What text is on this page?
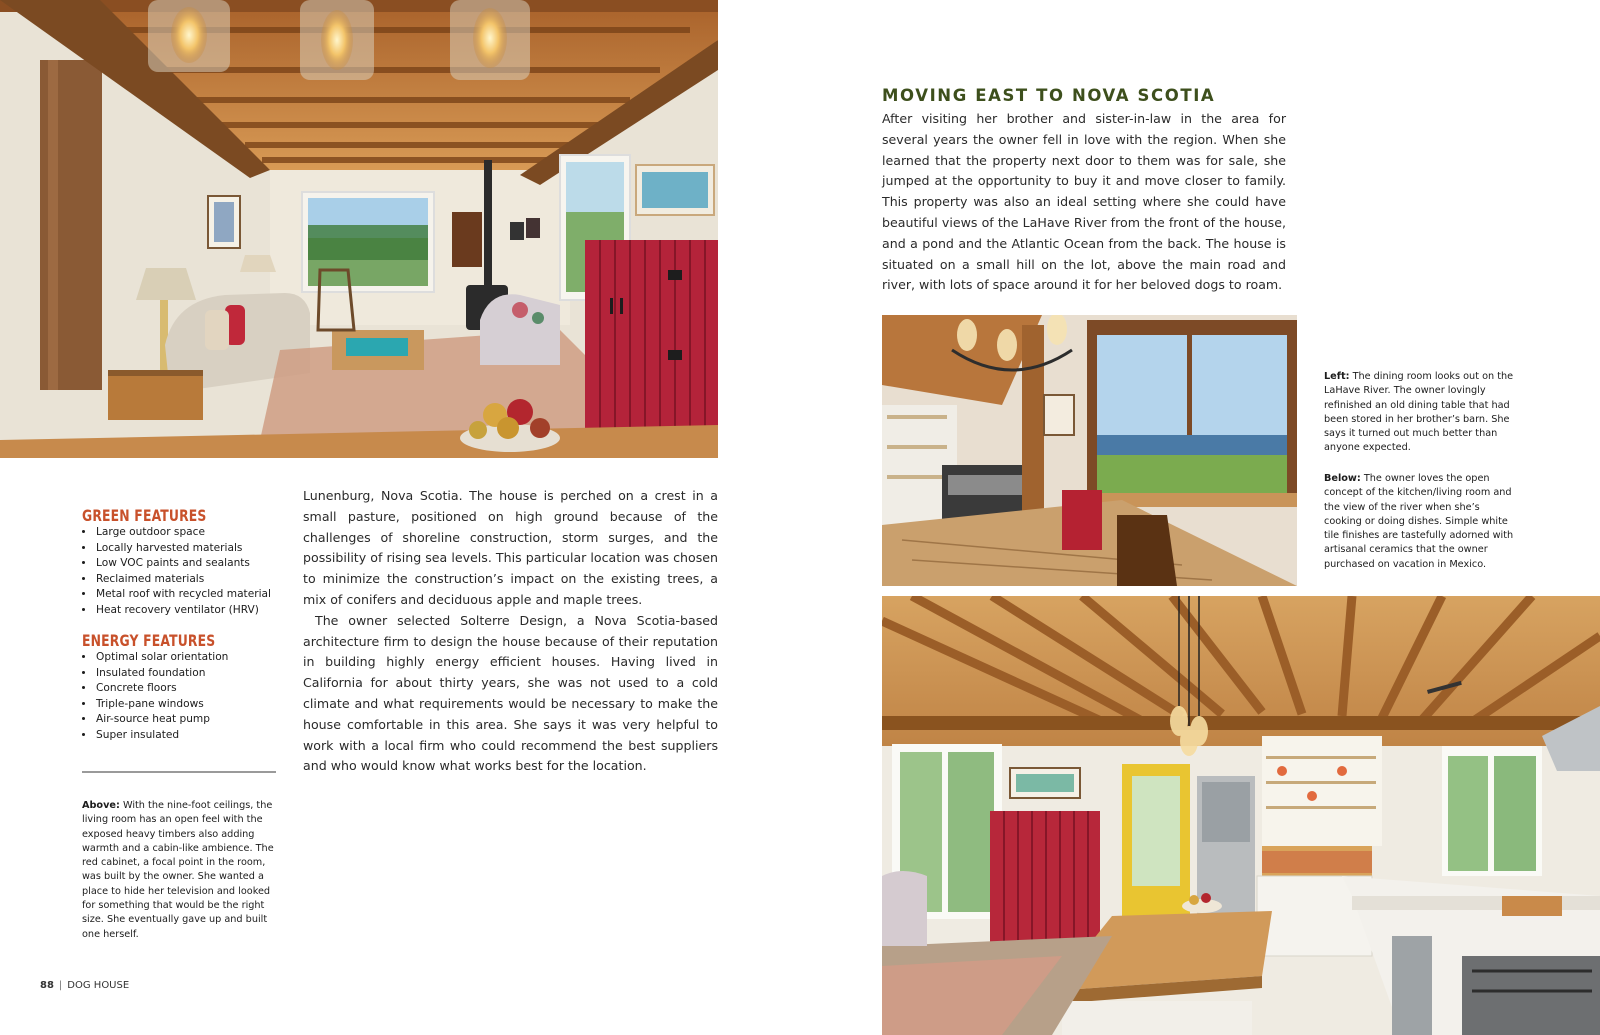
GREEN FEATURES
• Large outdoor space
• Locally harvested materials
• Low VOC paints and sealants
• Reclaimed materials
• Metal roof with recycled material
• Heat recovery ventilator (HRV)
ENERGY FEATURES
• Optimal solar orientation
• Insulated foundation
• Concrete floors
• Triple-pane windows
• Air-source heat pump
• Super insulated
Above: With the nine-foot ceilings, the living room has an open feel with the exposed heavy timbers also adding warmth and a cabin-like ambience. The red cabinet, a focal point in the room, was built by the owner. She wanted a place to hide her television and looked for something that would be the right size. She eventually gave up and built one herself.

Lunenburg, Nova Scotia. The house is perched on a crest in a small pasture, positioned on high ground because of the challenges of shoreline construction, storm surges, and the possibility of rising sea levels. This particular location was chosen to minimize the construction’s impact on the existing trees, a mix of conifers and deciduous apple and maple trees.

The owner selected Solterre Design, a Nova Scotia-based architecture firm to design the house because of their reputation in building highly energy efficient houses. Having lived in California for about thirty years, she was not used to a cold climate and what requirements would be necessary to make the house comfortable in this area. She says it was very helpful to work with a local firm who could recommend the best suppliers and who would know what works best for the location.

88 | DOG HOUSE
MOVING EAST TO NOVA SCOTIA

After visiting her brother and sister-in-law in the area for several years the owner fell in love with the region. When she learned that the property next door to them was for sale, she jumped at the opportunity to buy it and move closer to family. This property was also an ideal setting where she could have beautiful views of the LaHave River from the front of the house, and a pond and the Atlantic Ocean from the back. The house is situated on a small hill on the lot, above the main road and river, with lots of space around it for her beloved dogs to roam.

Left: The dining room looks out on the LaHave River. The owner lovingly refinished an old dining table that had been stored in her brother’s barn. She says it turned out much better than anyone expected.
Below: The owner loves the open concept of the kitchen/living room and the view of the river when she’s cooking or doing dishes. Simple white tile finishes are tastefully adorned with artisanal ceramics that the owner purchased on vacation in Mexico.
